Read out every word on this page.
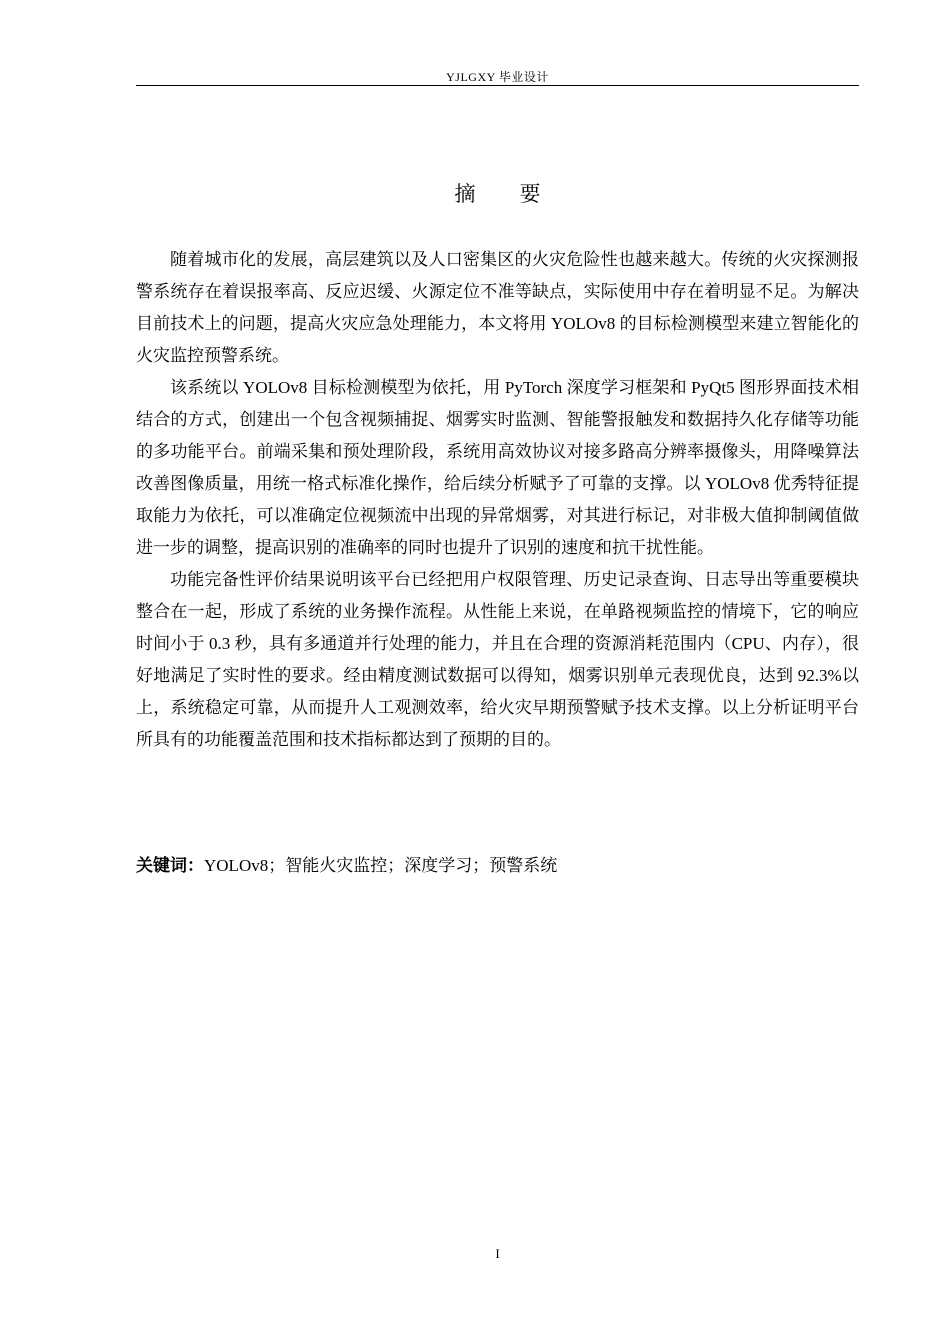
YJLGXY 毕业设计
摘要

随着城市化的发展，高层建筑以及人口密集区的火灾危险性也越来越大。传统的火灾探测报警系统存在着误报率高、反应迟缓、火源定位不准等缺点，实际使用中存在着明显不足。为解决目前技术上的问题，提高火灾应急处理能力，本文将用 YOLOv8 的目标检测模型来建立智能化的火灾监控预警系统。

该系统以 YOLOv8 目标检测模型为依托，用 PyTorch 深度学习框架和 PyQt5 图形界面技术相结合的方式，创建出一个包含视频捕捉、烟雾实时监测、智能警报触发和数据持久化存储等功能的多功能平台。前端采集和预处理阶段，系统用高效协议对接多路高分辨率摄像头，用降噪算法改善图像质量，用统一格式标准化操作，给后续分析赋予了可靠的支撑。以 YOLOv8 优秀特征提取能力为依托，可以准确定位视频流中出现的异常烟雾，对其进行标记，对非极大值抑制阈值做进一步的调整，提高识别的准确率的同时也提升了识别的速度和抗干扰性能。

功能完备性评价结果说明该平台已经把用户权限管理、历史记录查询、日志导出等重要模块整合在一起，形成了系统的业务操作流程。从性能上来说，在单路视频监控的情境下，它的响应时间小于 0.3 秒，具有多通道并行处理的能力，并且在合理的资源消耗范围内（CPU、内存），很好地满足了实时性的要求。经由精度测试数据可以得知，烟雾识别单元表现优良，达到 92.3%以上，系统稳定可靠，从而提升人工观测效率，给火灾早期预警赋予技术支撑。以上分析证明平台所具有的功能覆盖范围和技术指标都达到了预期的目的。

关键词：YOLOv8；智能火灾监控；深度学习；预警系统
I
